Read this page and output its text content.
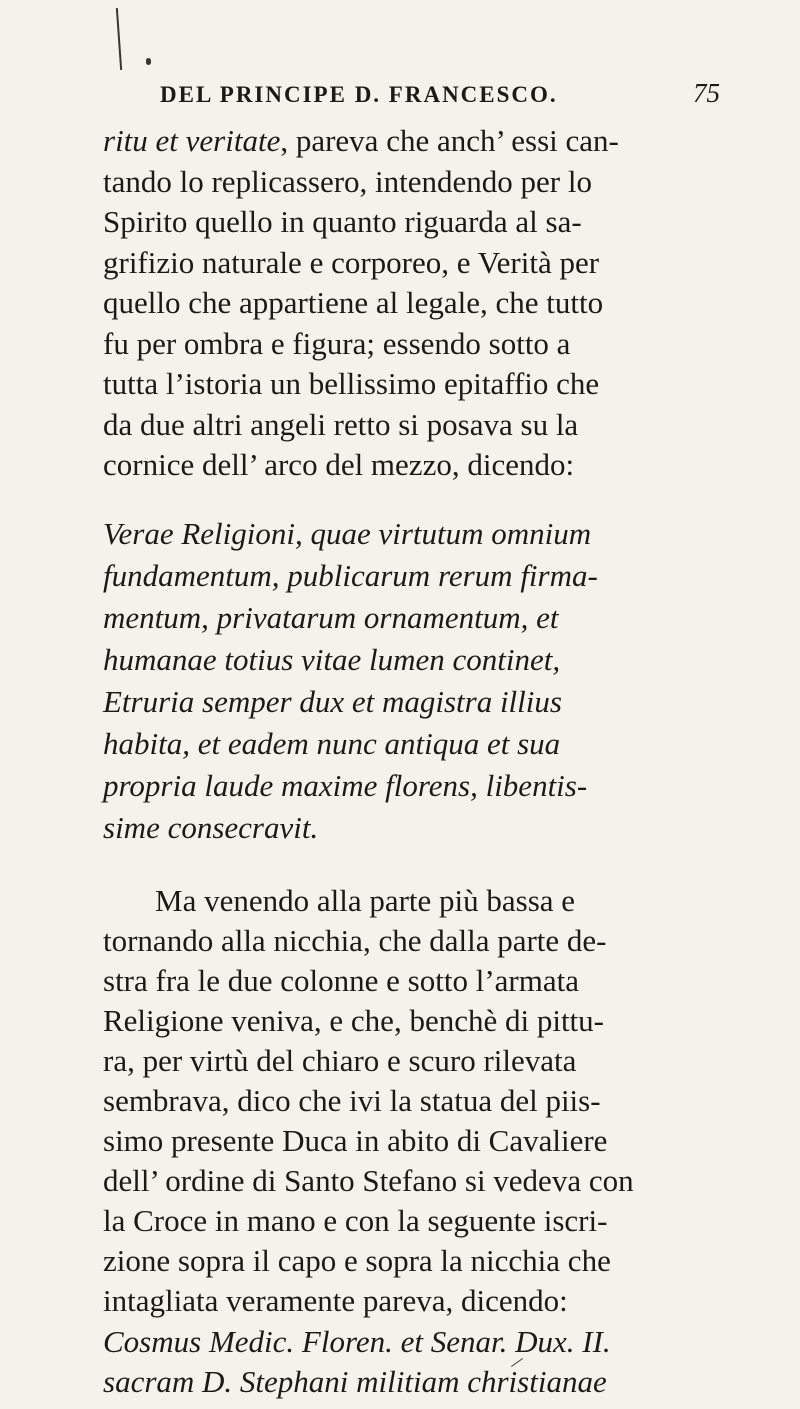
DEL PRINCIPE D. FRANCESCO.	75
ritu et veritate, pareva che anch’ essi can-
tando lo replicassero, intendendo per lo
Spirito quello in quanto riguarda al sa-
grifizio naturale e corporeo, e Verità per
quello che appartiene al legale, che tutto
fu per ombra e figura; essendo sotto a
tutta l’istoria un bellissimo epitaffio che
da due altri angeli retto si posava su la
cornice dell’ arco del mezzo, dicendo:
Verae Religioni, quae virtutum omnium
fundamentum, publicarum rerum firma-
mentum, privatarum ornamentum, et
humanae totius vitae lumen continet,
Etruria semper dux et magistra illius
habita, et eadem nunc antiqua et sua
propria laude maxime florens, libentis-
sime consecravit.
Ma venendo alla parte più bassa e
tornando alla nicchia, che dalla parte de-
stra fra le due colonne e sotto l’armata
Religione veniva, e che, benchè di pittu-
ra, per virtù del chiaro e scuro rilevata
sembrava, dico che ivi la statua del piis-
simo presente Duca in abito di Cavaliere
dell’ ordine di Santo Stefano si vedeva con
la Croce in mano e con la seguente iscri-
zione sopra il capo e sopra la nicchia che
intagliata veramente pareva, dicendo:
Cosmus Medic. Floren. et Senar. Dux. II.
sacram D. Stephani militiam christianae
